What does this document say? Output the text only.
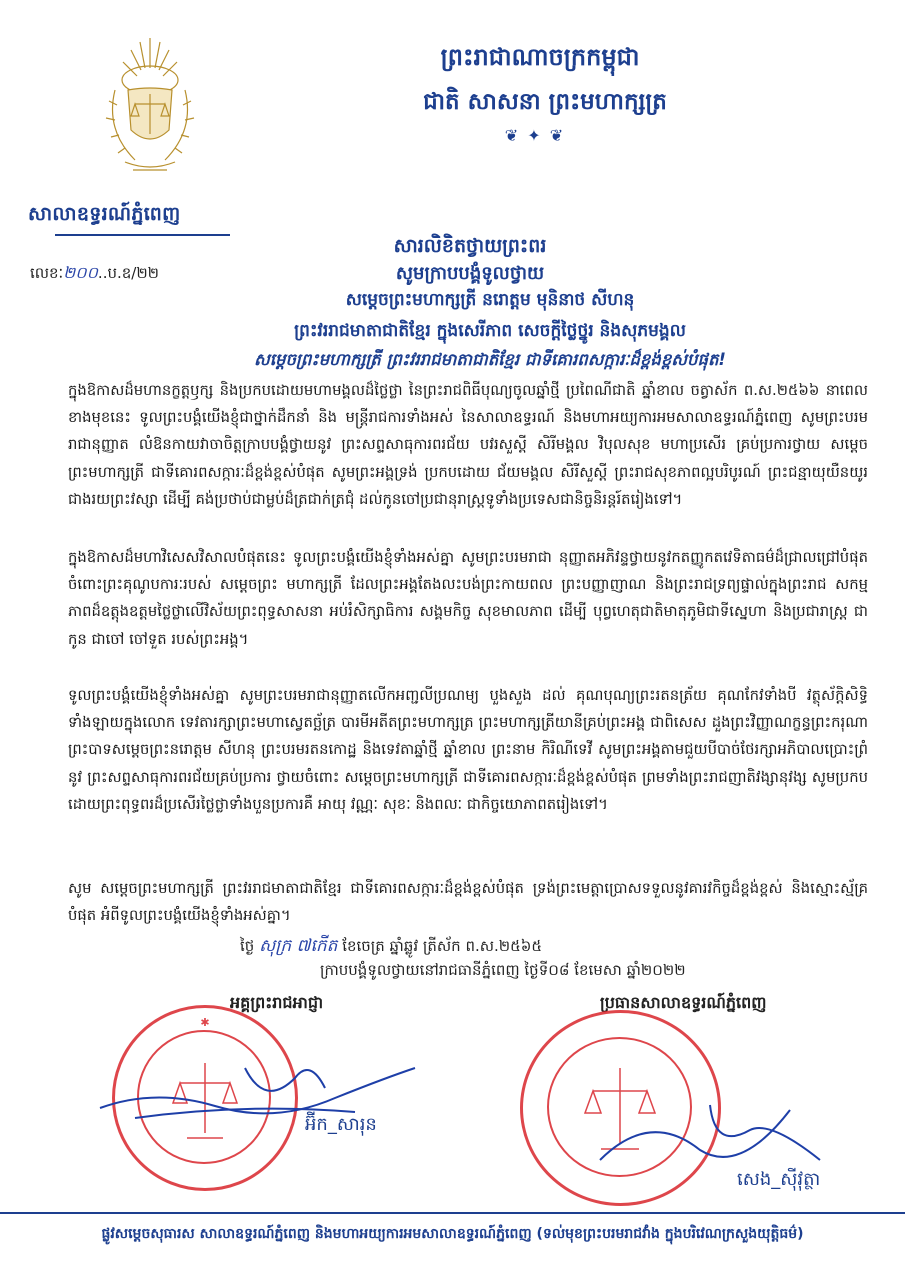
សាលាឧទ្ធរណ៍ភ្នំពេញ
ព្រះរាជាណាចក្រកម្ពុជា
ជាតិ សាសនា ព្រះមហាក្សត្រ
❦ ✦ ❦
លេខៈ២០០..ប.ឧ/២២
សារលិខិតថ្វាយព្រះពរ
សូមក្រាបបង្គំទូលថ្វាយ
សម្តេចព្រះមហាក្សត្រី នរោត្តម មុនិនាថ សីហនុ
ព្រះវររាជមាតាជាតិខ្មែរ ក្នុងសេរីភាព សេចក្តីថ្លៃថ្នូរ និងសុភមង្គល
សម្តេចព្រះមហាក្សត្រី ព្រះវររាជមាតាជាតិខ្មែរ ជាទីគោរពសក្ការៈដ៏ខ្ពង់ខ្ពស់បំផុត!
ក្នុងឱកាសដ៏មហានក្ខត្តឫក្ស និងប្រកបដោយមហាមង្គលដ៏ថ្លៃថ្លា នៃព្រះរាជពិធីបុណ្យចូលឆ្នាំថ្មី ប្រពៃណីជាតិ ឆ្នាំខាល ចត្វាស័ក ព.ស.២៥៦៦ នាពេលខាងមុខនេះ ទូលព្រះបង្គំយើងខ្ញុំជាថ្នាក់ដឹកនាំ និង មន្ត្រីរាជការទាំងអស់ នៃសាលាឧទ្ធរណ៍ និងមហាអយ្យការអមសាលាឧទ្ធរណ៍ភ្នំពេញ សូមព្រះបរមរាជានុញ្ញាត លំឱនកាយវាចាចិត្តក្រាបបង្គំថ្វាយនូវ ព្រះសព្ទសាធុការពរជ័យ បវរសួស្តី សិរីមង្គល វិបុលសុខ មហាប្រសើរ គ្រប់ប្រការថ្វាយ សម្តេចព្រះមហាក្សត្រី ជាទីគោរពសក្ការៈដ៏ខ្ពង់ខ្ពស់បំផុត សូមព្រះអង្គទ្រង់ ប្រកបដោយ ជ័យមង្គល សិរីសួស្តី ព្រះរាជសុខភាពល្អបរិបូរណ៍ ព្រះជន្មាយុយឺនយូរជាងរយព្រះវស្សា ដើម្បី គង់ប្រថាប់ជាម្លប់ដ៏ត្រជាក់ត្រជុំ ដល់កូនចៅប្រជានុរាស្ត្រទូទាំងប្រទេសជានិច្ចនិរន្តរ៍តរៀងទៅ។
ក្នុងឱកាសដ៏មហាវិសេសវិសាលបំផុតនេះ ទូលព្រះបង្គំយើងខ្ញុំទាំងអស់គ្នា សូមព្រះបរមរាជា នុញ្ញាតអភិវន្ទថ្វាយនូវកតញ្ញូកតវេទិតាធម៌ដ៏ជ្រាលជ្រៅបំផុតចំពោះព្រះគុណូបការៈរបស់ សម្តេចព្រះ មហាក្សត្រី ដែលព្រះអង្គតែងលះបង់ព្រះកាយពល ព្រះបញ្ញាញាណ និងព្រះរាជទ្រព្យផ្ទាល់ក្នុងព្រះរាជ សកម្មភាពដ៏ឧត្តុងឧត្តមថ្លៃថ្លាលើវិស័យព្រះពុទ្ធសាសនា អប់រំសិក្សាធិការ សង្គមកិច្ច សុខមាលភាព ដើម្បី បុព្វហេតុជាតិមាតុភូមិជាទីស្នេហា និងប្រជារាស្ត្រ ជាកូន ជាចៅ ចៅទួត របស់ព្រះអង្គ។
ទូលព្រះបង្គំយើងខ្ញុំទាំងអស់គ្នា សូមព្រះបរមរាជានុញ្ញាតលើកអញ្ជលីប្រណម្យ បួងសួង ដល់ គុណបុណ្យព្រះរតនត្រ័យ គុណកែវទាំងបី វត្ថុស័ក្តិសិទ្ធិទាំងឡាយក្នុងលោក ទេវតារក្សាព្រះមហាស្វេតច្ឆ័ត្រ បារមីអតីតព្រះមហាក្សត្រ ព្រះមហាក្សត្រីយានីគ្រប់ព្រះអង្គ ជាពិសេស ដួងព្រះវិញ្ញាណក្ខន្ធព្រះករុណា ព្រះបាទសម្តេចព្រះនរោត្តម សីហនុ ព្រះបរមរតនកោដ្ឋ និងទេវតាឆ្នាំថ្មី ឆ្នាំខាល ព្រះនាម កិរិណីទេវី សូមព្រះអង្គតាមជួយបីបាច់ថែរក្សាអភិបាលប្រោះព្រំនូវ ព្រះសព្ទសាធុការពរជ័យគ្រប់ប្រការ ថ្វាយចំពោះ សម្តេចព្រះមហាក្សត្រី ជាទីគោរពសក្ការៈដ៏ខ្ពង់ខ្ពស់បំផុត ព្រមទាំងព្រះរាជញាតិវង្សានុវង្ស សូមប្រកប ដោយព្រះពុទ្ធពរដ៏ប្រសើរថ្លៃថ្លាទាំងបួនប្រការគឺ អាយុ វណ្ណៈ សុខៈ និងពលៈ ជាកិច្ចយោភាពតរៀងទៅ។
សូម សម្តេចព្រះមហាក្សត្រី ព្រះវររាជមាតាជាតិខ្មែរ ជាទីគោរពសក្ការៈដ៏ខ្ពង់ខ្ពស់បំផុត ទ្រង់ព្រះមេត្តាប្រោសទទួលនូវគារវកិច្ចដ៏ខ្ពង់ខ្ពស់ និងស្មោះស្ម័គ្របំផុត អំពីទូលព្រះបង្គំយើងខ្ញុំទាំងអស់គ្នា។
ថ្ងៃ សុក្រ ៧កើត ខែចេត្រ ឆ្នាំឆ្លូវ ត្រីស័ក ព.ស.២៥៦៥
ក្រាបបង្គំទូលថ្វាយនៅរាជធានីភ្នំពេញ ថ្ងៃទី០៨ ខែមេសា ឆ្នាំ២០២២
អគ្គព្រះរាជអាជ្ញា	ប្រធានសាលាឧទ្ធរណ៍ភ្នំពេញ
✱
អ៊ីក_សារុន
សេង_ស៊ីវុត្ថា
ផ្លូវសម្តេចសុធារស សាលាឧទ្ធរណ៍ភ្នំពេញ និងមហាអយ្យការអមសាលាឧទ្ធរណ៍ភ្នំពេញ (ទល់មុខព្រះបរមរាជវាំង ក្នុងបរិវេណក្រសួងយុត្តិធម៌)
